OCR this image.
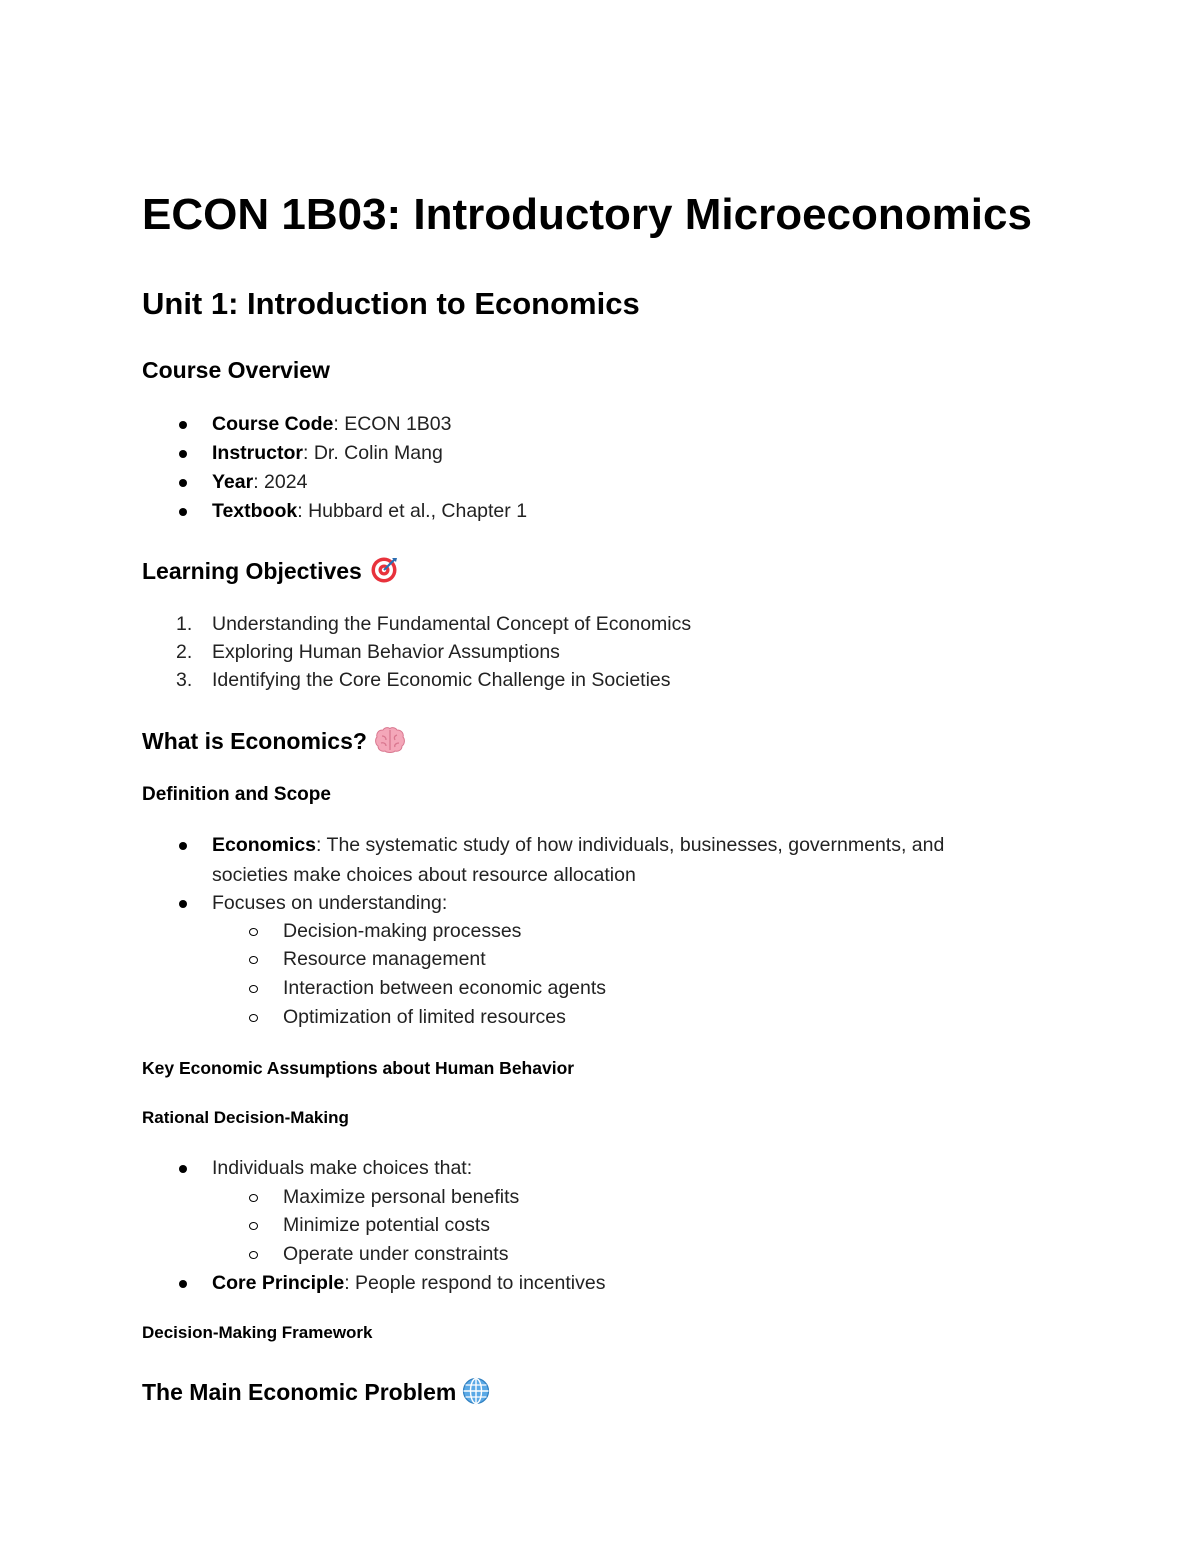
ECON 1B03: Introductory Microeconomics
Unit 1: Introduction to Economics
Course Overview
Course Code: ECON 1B03
Instructor: Dr. Colin Mang
Year: 2024
Textbook: Hubbard et al., Chapter 1
Learning Objectives
1. Understanding the Fundamental Concept of Economics
2. Exploring Human Behavior Assumptions
3. Identifying the Core Economic Challenge in Societies
What is Economics?
Definition and Scope
Economics: The systematic study of how individuals, businesses, governments, and
societies make choices about resource allocation
Focuses on understanding:
Decision-making processes
Resource management
Interaction between economic agents
Optimization of limited resources
Key Economic Assumptions about Human Behavior
Rational Decision-Making
Individuals make choices that:
Maximize personal benefits
Minimize potential costs
Operate under constraints
Core Principle: People respond to incentives
Decision-Making Framework
The Main Economic Problem
